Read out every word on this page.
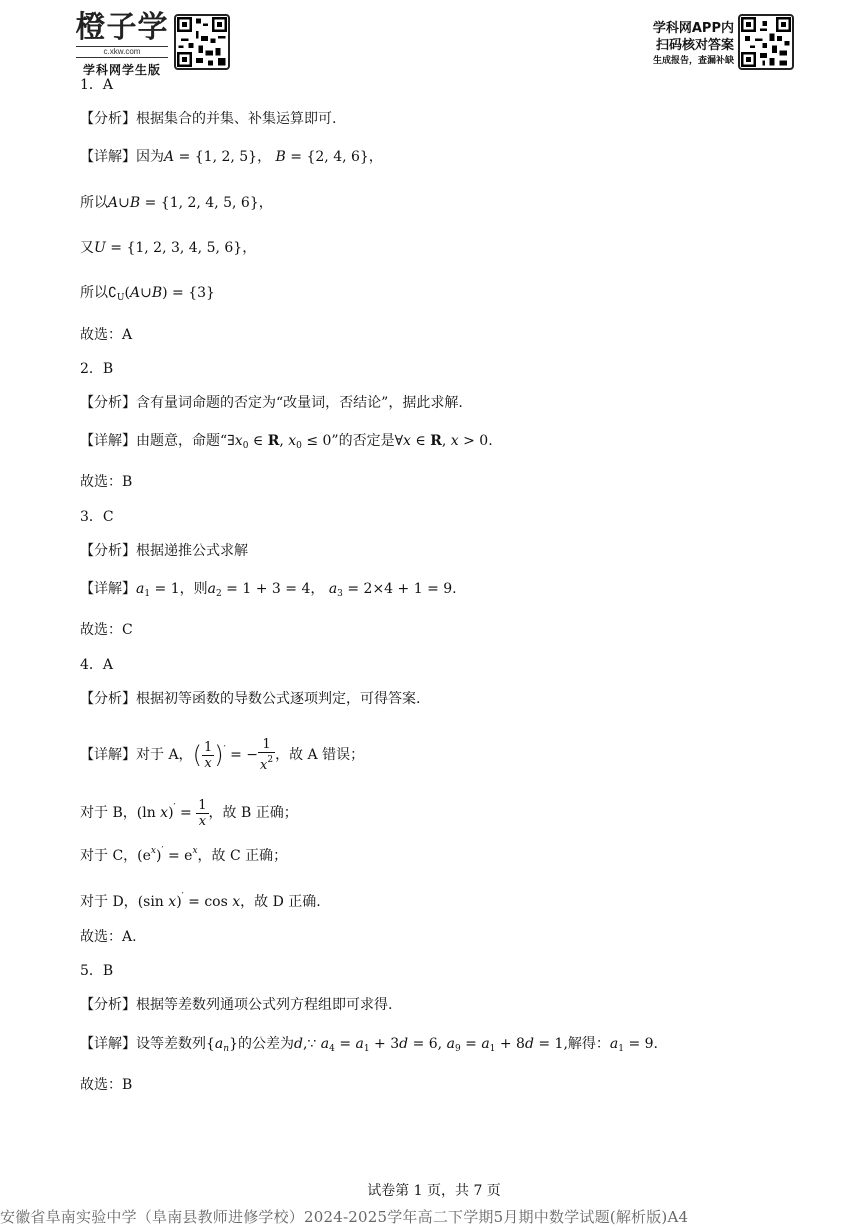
橙子学
c.xkw.com
学科网学生版
学科网APP内
扫码核对答案
生成报告，查漏补缺
1．A
【分析】根据集合的并集、补集运算即可.
【详解】因为A = {1, 2, 5}， B = {2, 4, 6}，
所以A∪B = {1, 2, 4, 5, 6}，
又U = {1, 2, 3, 4, 5, 6}，
所以$∁_U(A\cup B) = \{3\}$
故选：A
2．B
【分析】含有量词命题的否定为“改量词，否结论”，据此求解.
【详解】由题意，命题“$\exists x_0$ ∈ R, $x_0 \le 0$”的否定是∀x ∈ R, x > 0.
故选：B
3．C
【分析】根据递推公式求解
【详解】$a_1 = 1$，则$a_2 = 1 + 3 = 4$， $a_3 = 2\times 4 + 1 = 9$.
故选：C
4．A
【分析】根据初等函数的导数公式逐项判定，可得答案.
【详解】对于 A，( $\frac{1}{x} )'$ = − $\frac{1}{x^2}$ ，故 A 错误；
对于 B，(ln $x)' = \frac{1}{x}$ ，故 B 正确；
对于 C，$(e^x)' = e^x$，故 C 正确；
对于 D，(sin x)′ = cos x，故 D 正确.
故选：A.
5．B
【分析】根据等差数列通项公式列方程组即可求得.
【详解】设等差数列$\{a_n\}$的公差为d,∵ $a_4 = a_1 + 3d = 6$, $a_9 = a_1 + 8d = 1$,解得：$a_1 = 9$.
故选：B
试卷第 1 页，共 7 页
安徽省阜南实验中学（阜南县教师进修学校）2024-2025学年高二下学期5月期中数学试题(解析版)A4
